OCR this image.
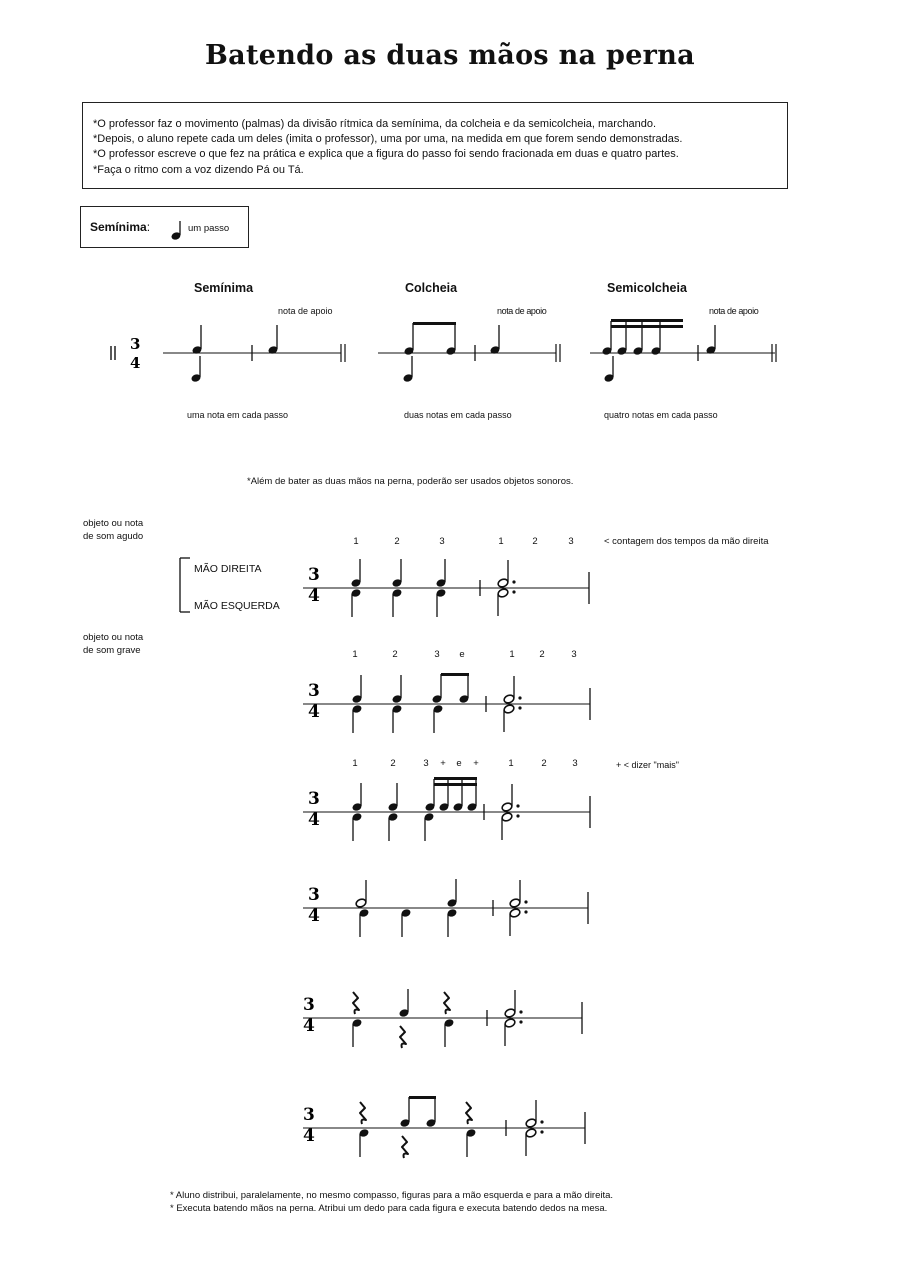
Batendo as duas mãos na perna
*O professor faz o movimento (palmas) da divisão rítmica da semínima, da colcheia e da semicolcheia, marchando.
*Depois, o aluno repete cada um deles (imita o professor), uma por uma, na medida em que forem sendo demonstradas.
*O professor escreve o que fez na prática e explica que a figura do passo foi sendo fracionada em duas e quatro partes.
*Faça o ritmo com a voz dizendo Pá ou Tá.
Semínima:	um passo
Semínima	Colcheia	Semicolcheia
nota de apoio	nota de apoio	nota de apoio
uma nota em cada passo	duas notas em cada passo	quatro notas em cada passo
*Além de bater as duas mãos na perna, poderão ser usados objetos sonoros.
objeto ou nota
de som agudo
objeto ou nota
de som grave
MÃO DIREITA
MÃO ESQUERDA
< contagem dos tempos da mão direita
+ < dizer "mais"
1	2	3	1	2	3
1	2	3	e	1	2	3
1	2	3	+	e	+	1	2	3
* Aluno distribui, paralelamente, no mesmo compasso, figuras para a mão esquerda e para a mão direita.
* Executa batendo mãos na perna. Atribui um dedo para cada figura e executa batendo dedos na mesa.
3
4
3
4
3
4
3
4
3
4
3
4
3
4
